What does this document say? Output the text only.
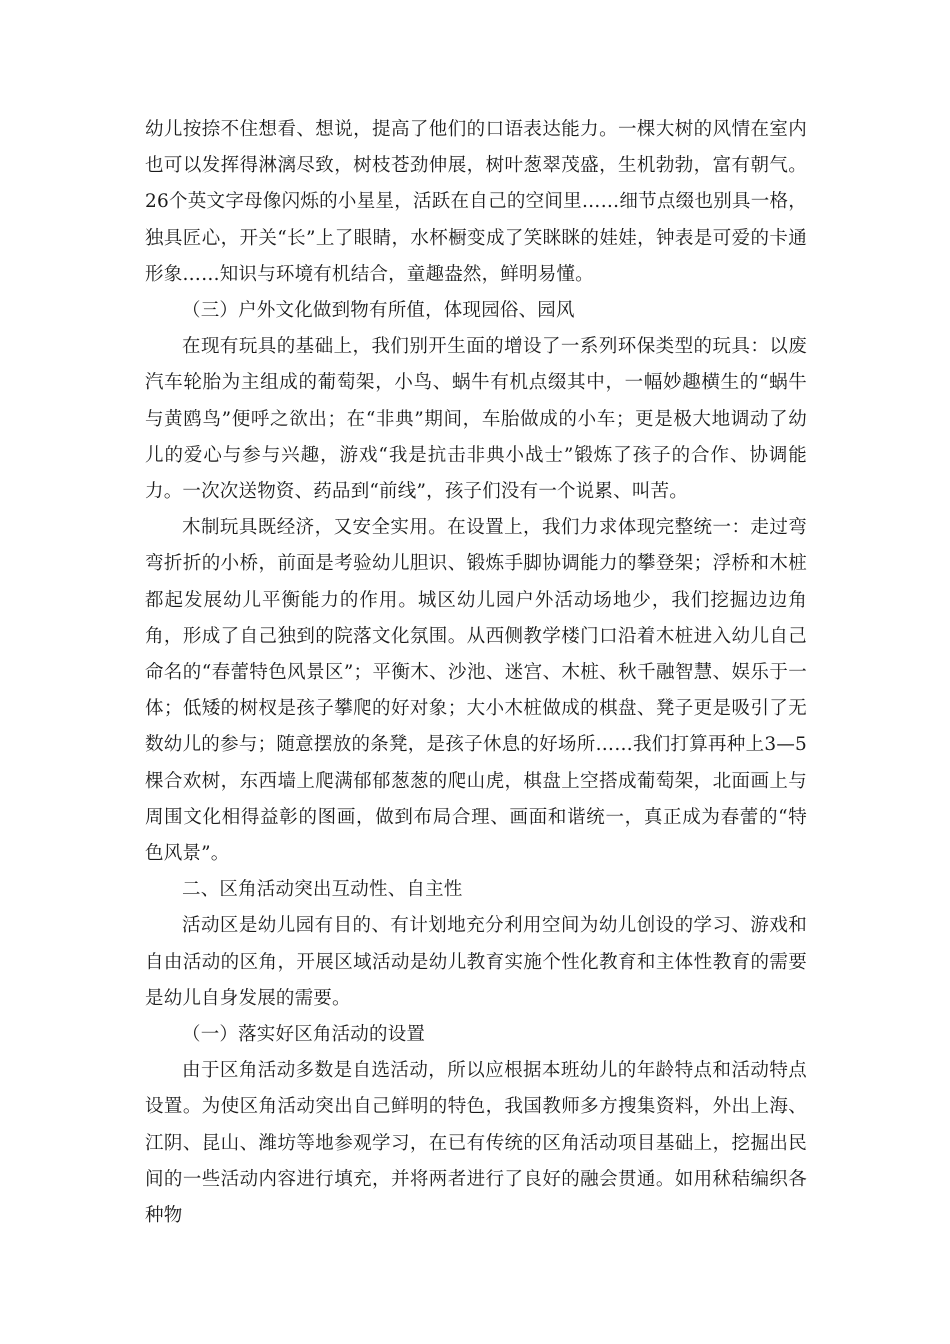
幼儿按捺不住想看、想说，提高了他们的口语表达能力。一棵大树的风情在室内也可以发挥得淋漓尽致，树枝苍劲伸展，树叶葱翠茂盛，生机勃勃，富有朝气。26个英文字母像闪烁的小星星，活跃在自己的空间里……细节点缀也别具一格，独具匠心，开关“长”上了眼睛，水杯橱变成了笑眯眯的娃娃，钟表是可爱的卡通形象……知识与环境有机结合，童趣盎然，鲜明易懂。

（三）户外文化做到物有所值，体现园俗、园风

在现有玩具的基础上，我们别开生面的增设了一系列环保类型的玩具：以废汽车轮胎为主组成的葡萄架，小鸟、蜗牛有机点缀其中，一幅妙趣横生的“蜗牛与黄鸥鸟”便呼之欲出；在“非典”期间，车胎做成的小车；更是极大地调动了幼儿的爱心与参与兴趣，游戏“我是抗击非典小战士”锻炼了孩子的合作、协调能力。一次次送物资、药品到“前线”，孩子们没有一个说累、叫苦。

木制玩具既经济，又安全实用。在设置上，我们力求体现完整统一：走过弯弯折折的小桥，前面是考验幼儿胆识、锻炼手脚协调能力的攀登架；浮桥和木桩都起发展幼儿平衡能力的作用。城区幼儿园户外活动场地少，我们挖掘边边角角，形成了自己独到的院落文化氛围。从西侧教学楼门口沿着木桩进入幼儿自己命名的“春蕾特色风景区”；平衡木、沙池、迷宫、木桩、秋千融智慧、娱乐于一体；低矮的树杈是孩子攀爬的好对象；大小木桩做成的棋盘、凳子更是吸引了无数幼儿的参与；随意摆放的条凳，是孩子休息的好场所……我们打算再种上3—5棵合欢树，东西墙上爬满郁郁葱葱的爬山虎，棋盘上空搭成葡萄架，北面画上与周围文化相得益彰的图画，做到布局合理、画面和谐统一，真正成为春蕾的“特色风景”。

二、区角活动突出互动性、自主性

活动区是幼儿园有目的、有计划地充分利用空间为幼儿创设的学习、游戏和自由活动的区角，开展区域活动是幼儿教育实施个性化教育和主体性教育的需要是幼儿自身发展的需要。

（一）落实好区角活动的设置

由于区角活动多数是自选活动，所以应根据本班幼儿的年龄特点和活动特点设置。为使区角活动突出自己鲜明的特色，我国教师多方搜集资料，外出上海、江阴、昆山、潍坊等地参观学习，在已有传统的区角活动项目基础上，挖掘出民间的一些活动内容进行填充，并将两者进行了良好的融会贯通。如用秫秸编织各种物
